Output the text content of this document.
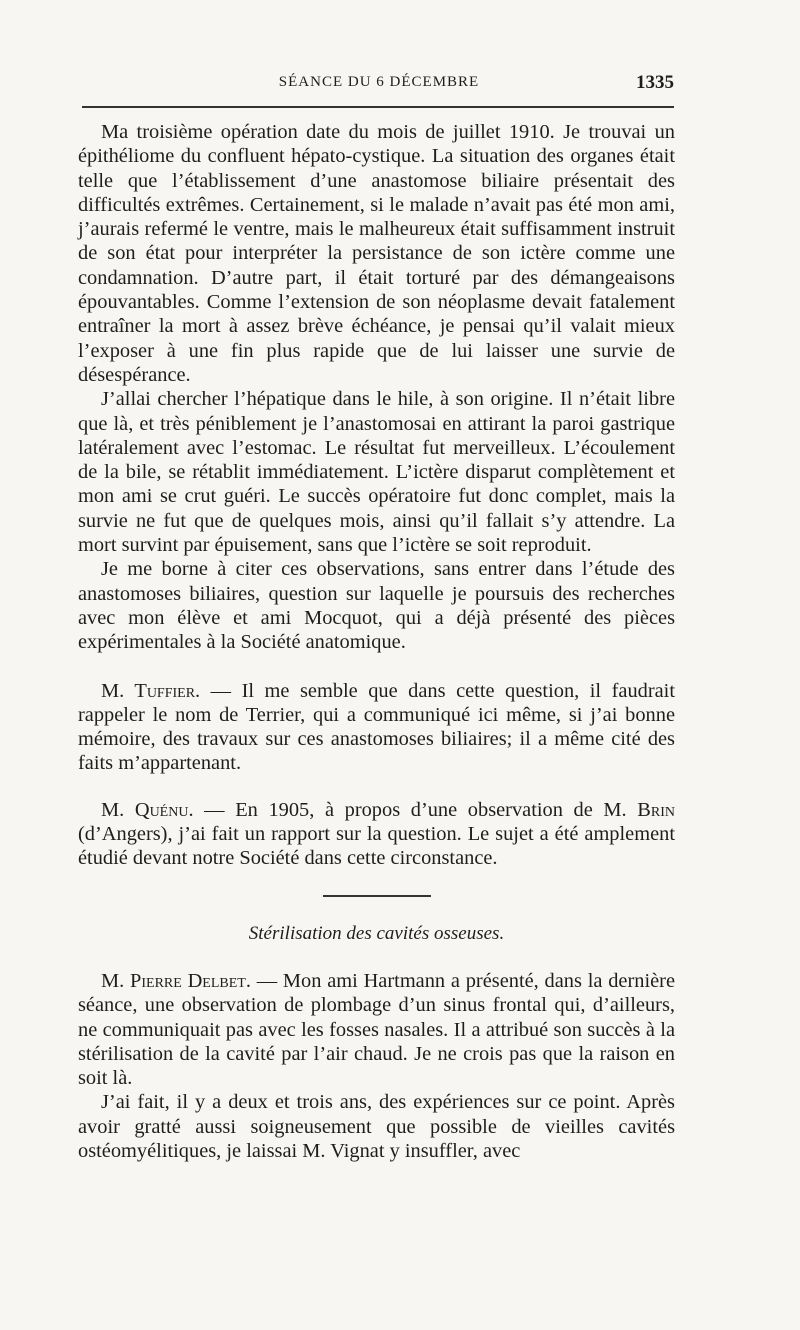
SÉANCE DU 6 DÉCEMBRE	1335

Ma troisième opération date du mois de juillet 1910. Je trouvai un épithéliome du confluent hépato-cystique. La situation des organes était telle que l’établissement d’une anastomose biliaire présentait des difficultés extrêmes. Certainement, si le malade n’avait pas été mon ami, j’aurais refermé le ventre, mais le malheureux était suffisamment instruit de son état pour interpréter la persistance de son ictère comme une condamnation. D’autre part, il était torturé par des démangeaisons épouvantables. Comme l’extension de son néoplasme devait fatalement entraîner la mort à assez brève échéance, je pensai qu’il valait mieux l’exposer à une fin plus rapide que de lui laisser une survie de désespérance.

J’allai chercher l’hépatique dans le hile, à son origine. Il n’était libre que là, et très péniblement je l’anastomosai en attirant la paroi gastrique latéralement avec l’estomac. Le résultat fut merveilleux. L’écoulement de la bile, se rétablit immédiatement. L’ictère disparut complètement et mon ami se crut guéri. Le succès opératoire fut donc complet, mais la survie ne fut que de quelques mois, ainsi qu’il fallait s’y attendre. La mort survint par épuisement, sans que l’ictère se soit reproduit.

Je me borne à citer ces observations, sans entrer dans l’étude des anastomoses biliaires, question sur laquelle je poursuis des recherches avec mon élève et ami Mocquot, qui a déjà présenté des pièces expérimentales à la Société anatomique.

M. Tuffier. — Il me semble que dans cette question, il faudrait rappeler le nom de Terrier, qui a communiqué ici même, si j’ai bonne mémoire, des travaux sur ces anastomoses biliaires; il a même cité des faits m’appartenant.

M. Quénu. — En 1905, à propos d’une observation de M. Brin (d’Angers), j’ai fait un rapport sur la question. Le sujet a été amplement étudié devant notre Société dans cette circonstance.

Stérilisation des cavités osseuses.

M. Pierre Delbet. — Mon ami Hartmann a présenté, dans la dernière séance, une observation de plombage d’un sinus frontal qui, d’ailleurs, ne communiquait pas avec les fosses nasales. Il a attribué son succès à la stérilisation de la cavité par l’air chaud. Je ne crois pas que la raison en soit là.

J’ai fait, il y a deux et trois ans, des expériences sur ce point. Après avoir gratté aussi soigneusement que possible de vieilles cavités ostéomyélitiques, je laissai M. Vignat y insuffler, avec
